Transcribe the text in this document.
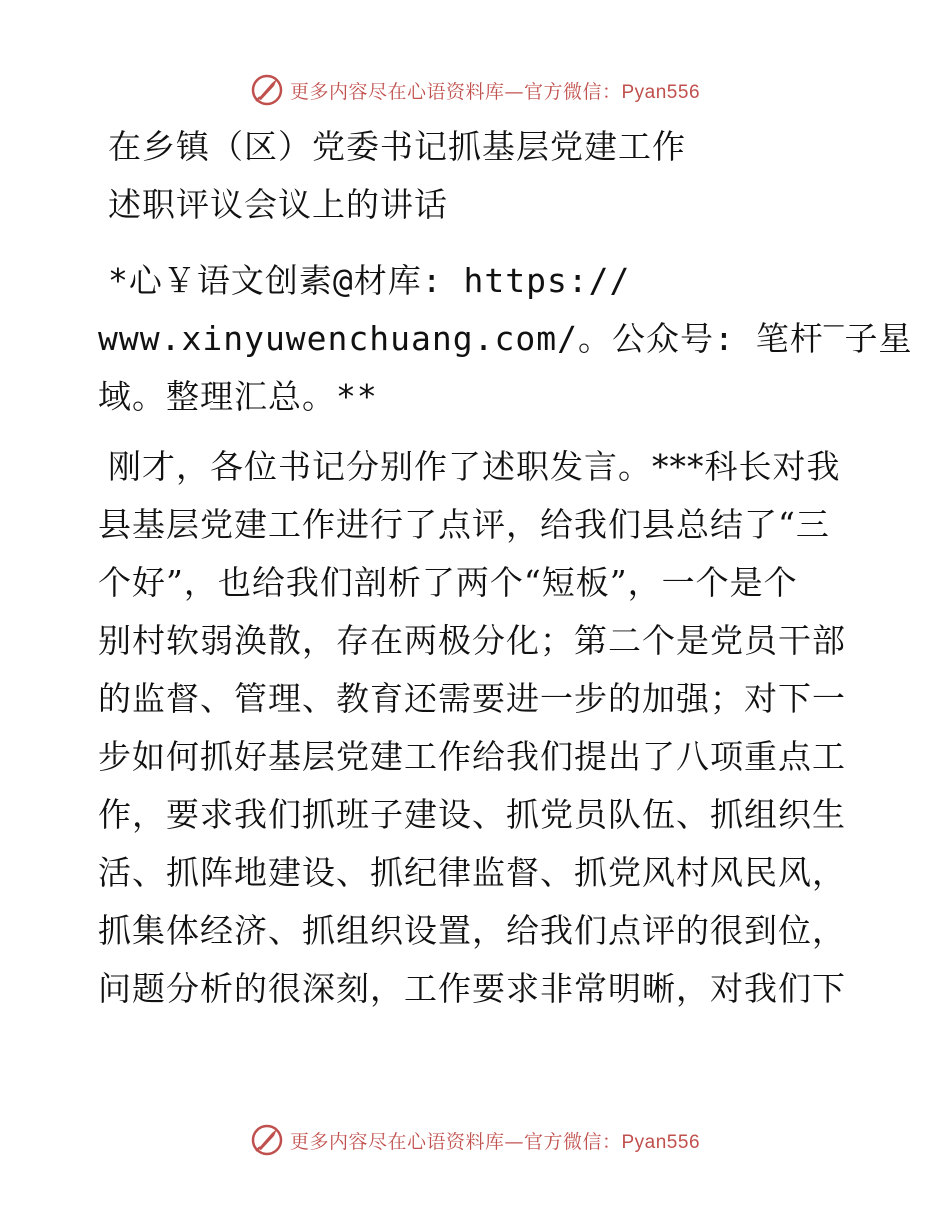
更多内容尽在心语资料库—官方微信：Pyan556
在乡镇（区）党委书记抓基层党建工作
述职评议会议上的讲话
*心￥语文创素@材库: https://
www.xinyuwenchuang.com/。公众号: 笔杆‾子星
域。整理汇总。**
刚才，各位书记分别作了述职发言。***科长对我
县基层党建工作进行了点评，给我们县总结了“三
个好”，也给我们剖析了两个“短板”，一个是个
别村软弱涣散，存在两极分化；第二个是党员干部
的监督、管理、教育还需要进一步的加强；对下一
步如何抓好基层党建工作给我们提出了八项重点工
作，要求我们抓班子建设、抓党员队伍、抓组织生
活、抓阵地建设、抓纪律监督、抓党风村风民风，
抓集体经济、抓组织设置，给我们点评的很到位，
问题分析的很深刻，工作要求非常明晰，对我们下
更多内容尽在心语资料库—官方微信：Pyan556
